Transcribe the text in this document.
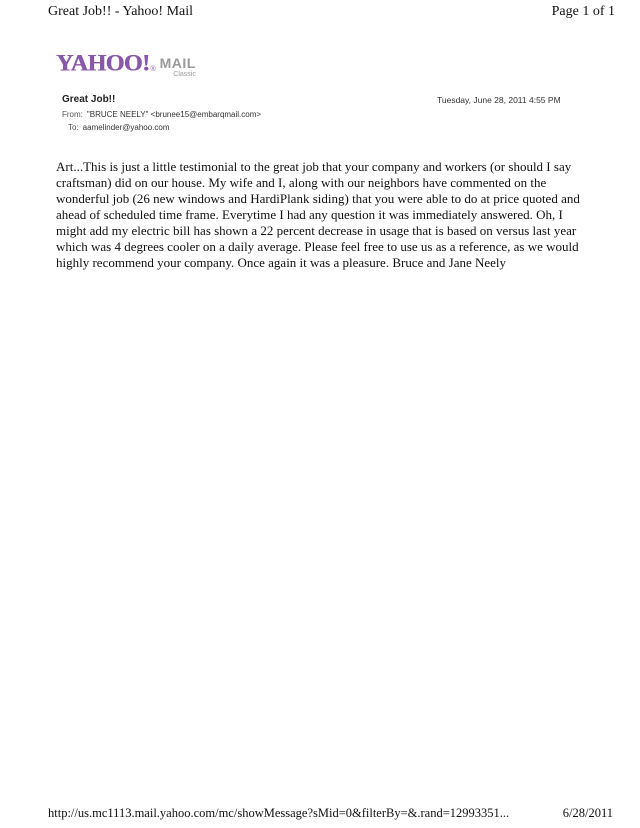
Great Job!! - Yahoo! Mail	Page 1 of 1
YAHOO! ® MAIL
Classic
Great Job!!	Tuesday, June 28, 2011 4:55 PM
From: "BRUCE NEELY" <brunee15@embarqmail.com>
To: aamelinder@yahoo.com

Art...This is just a little testimonial to the great job that your company and workers (or should I say
craftsman) did on our house. My wife and I, along with our neighbors have commented on the
wonderful job (26 new windows and HardiPlank siding) that you were able to do at price quoted and
ahead of scheduled time frame. Everytime I had any question it was immediately answered. Oh, I
might add my electric bill has shown a 22 percent decrease in usage that is based on versus last year
which was 4 degrees cooler on a daily average. Please feel free to use us as a reference, as we would
highly recommend your company. Once again it was a pleasure. Bruce and Jane Neely

http://us.mc1113.mail.yahoo.com/mc/showMessage?sMid=0&filterBy=&.rand=12993351...	6/28/2011
